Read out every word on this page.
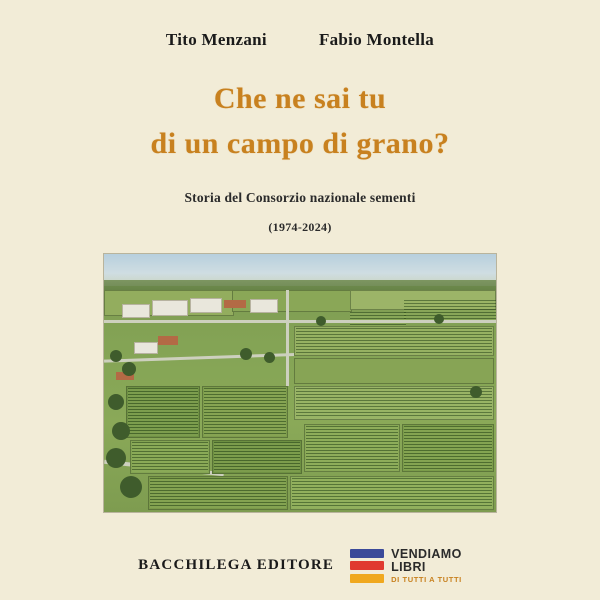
Tito Menzani	Fabio Montella
Che ne sai tu
di un campo di grano?
Storia del Consorzio nazionale sementi
(1974-2024)
BACCHILEGA EDITORE
VENDIAMO
LIBRI
DI TUTTI A TUTTI
